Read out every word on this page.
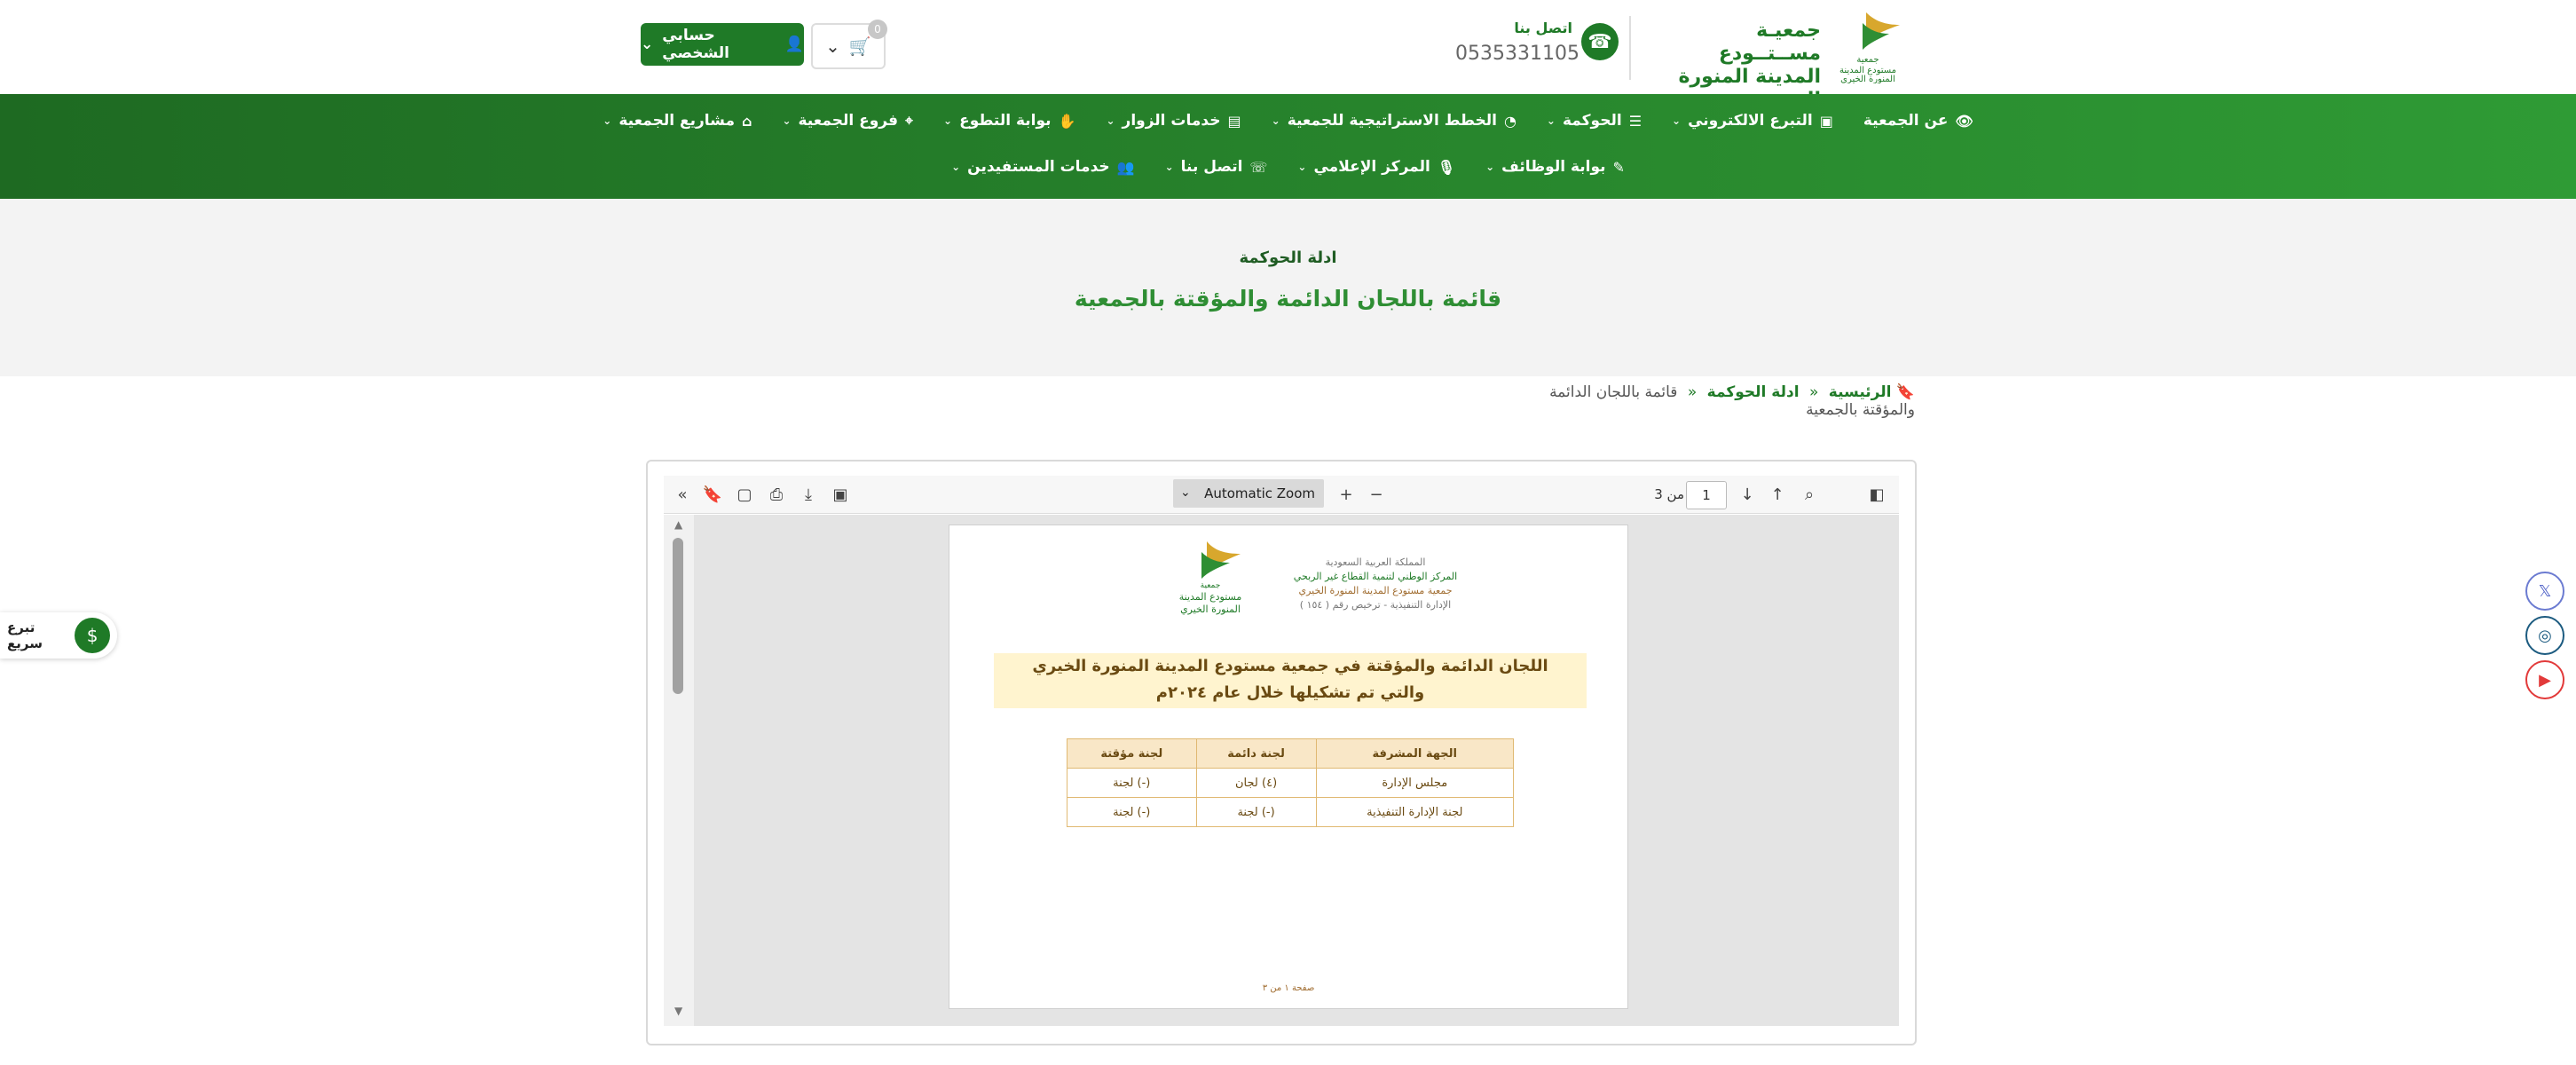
جمعية
مستودع المدينة
المنورة الخيري
جمعيـة مســتــودع
المدينة المنورة
☎
اتصل بنا
0535331105
⌄ 🛒
0
⌄ حسابي الشخصي	👤
👁
عن الجمعية
▣
التبرع الالكتروني
⌄
☰
الحوكمة
⌄
◔
الخطط الاستراتيجية للجمعية
⌄
▤
خدمات الزوار
⌄
✋
بوابة التطوع
⌄
⌖
فروع الجمعية
⌄
⌂
مشاريع الجمعية
⌄
✎
بوابة الوظائف
⌄
🎙
المركز الإعلامي
⌄
☏
اتصل بنا
⌄
👥
خدمات المستفيدين
⌄
ادلة الحوكمة
قائمة باللجان الدائمة والمؤقتة بالجمعية
🔖 الرئيسية « ادلة الحوكمة « قائمة باللجان الدائمة والمؤقتة بالجمعية
« 🔖 ▢ ⎙ ⤓ ▣	⌄ Automatic Zoom + −	من 3	1	↓ ↑ ⌕	◧
▲
▼
جمعية
مستودع المدينة
المنورة الخيري
المملكة العربية السعودية
المركز الوطني لتنمية القطاع غير الربحي
جمعية مستودع المدينة المنورة الخيري
الإدارة التنفيذية - ترخيص رقم ( ١٥٤ )
اللجان الدائمة والمؤقتة في جمعية مستودع المدينة المنورة الخيري
والتي تم تشكيلها خلال عام ٢٠٢٤م
الجهة المشرفة	لجنة دائمة	لجنة مؤقتة
مجلس الإدارة	(٤) لجان	(-) لجنة
لجنة الإدارة التنفيذية	(-) لجنة	(-) لجنة
صفحة ١ من ٣
تبرع سريع	$
𝕏
◎
▶
